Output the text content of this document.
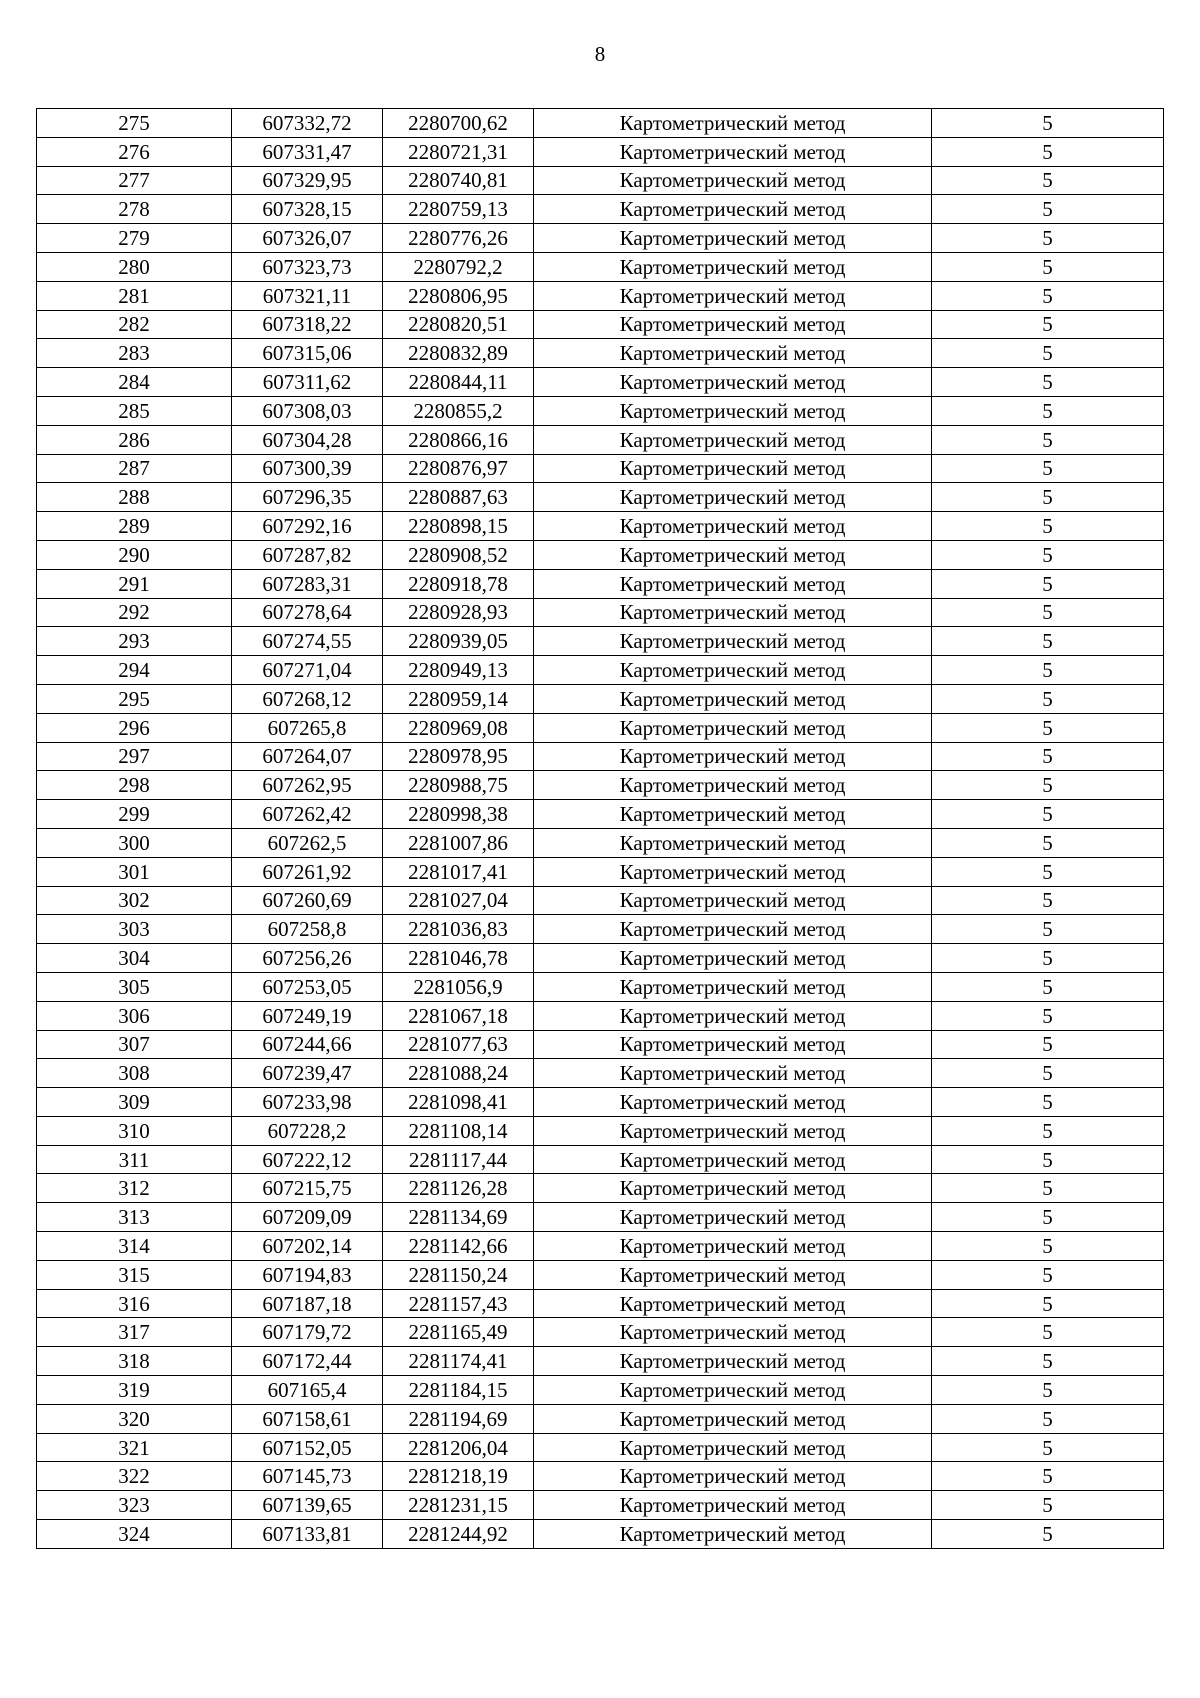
8
275	607332,72	2280700,62	Картометрический метод	5
276	607331,47	2280721,31	Картометрический метод	5
277	607329,95	2280740,81	Картометрический метод	5
278	607328,15	2280759,13	Картометрический метод	5
279	607326,07	2280776,26	Картометрический метод	5
280	607323,73	2280792,2	Картометрический метод	5
281	607321,11	2280806,95	Картометрический метод	5
282	607318,22	2280820,51	Картометрический метод	5
283	607315,06	2280832,89	Картометрический метод	5
284	607311,62	2280844,11	Картометрический метод	5
285	607308,03	2280855,2	Картометрический метод	5
286	607304,28	2280866,16	Картометрический метод	5
287	607300,39	2280876,97	Картометрический метод	5
288	607296,35	2280887,63	Картометрический метод	5
289	607292,16	2280898,15	Картометрический метод	5
290	607287,82	2280908,52	Картометрический метод	5
291	607283,31	2280918,78	Картометрический метод	5
292	607278,64	2280928,93	Картометрический метод	5
293	607274,55	2280939,05	Картометрический метод	5
294	607271,04	2280949,13	Картометрический метод	5
295	607268,12	2280959,14	Картометрический метод	5
296	607265,8	2280969,08	Картометрический метод	5
297	607264,07	2280978,95	Картометрический метод	5
298	607262,95	2280988,75	Картометрический метод	5
299	607262,42	2280998,38	Картометрический метод	5
300	607262,5	2281007,86	Картометрический метод	5
301	607261,92	2281017,41	Картометрический метод	5
302	607260,69	2281027,04	Картометрический метод	5
303	607258,8	2281036,83	Картометрический метод	5
304	607256,26	2281046,78	Картометрический метод	5
305	607253,05	2281056,9	Картометрический метод	5
306	607249,19	2281067,18	Картометрический метод	5
307	607244,66	2281077,63	Картометрический метод	5
308	607239,47	2281088,24	Картометрический метод	5
309	607233,98	2281098,41	Картометрический метод	5
310	607228,2	2281108,14	Картометрический метод	5
311	607222,12	2281117,44	Картометрический метод	5
312	607215,75	2281126,28	Картометрический метод	5
313	607209,09	2281134,69	Картометрический метод	5
314	607202,14	2281142,66	Картометрический метод	5
315	607194,83	2281150,24	Картометрический метод	5
316	607187,18	2281157,43	Картометрический метод	5
317	607179,72	2281165,49	Картометрический метод	5
318	607172,44	2281174,41	Картометрический метод	5
319	607165,4	2281184,15	Картометрический метод	5
320	607158,61	2281194,69	Картометрический метод	5
321	607152,05	2281206,04	Картометрический метод	5
322	607145,73	2281218,19	Картометрический метод	5
323	607139,65	2281231,15	Картометрический метод	5
324	607133,81	2281244,92	Картометрический метод	5
